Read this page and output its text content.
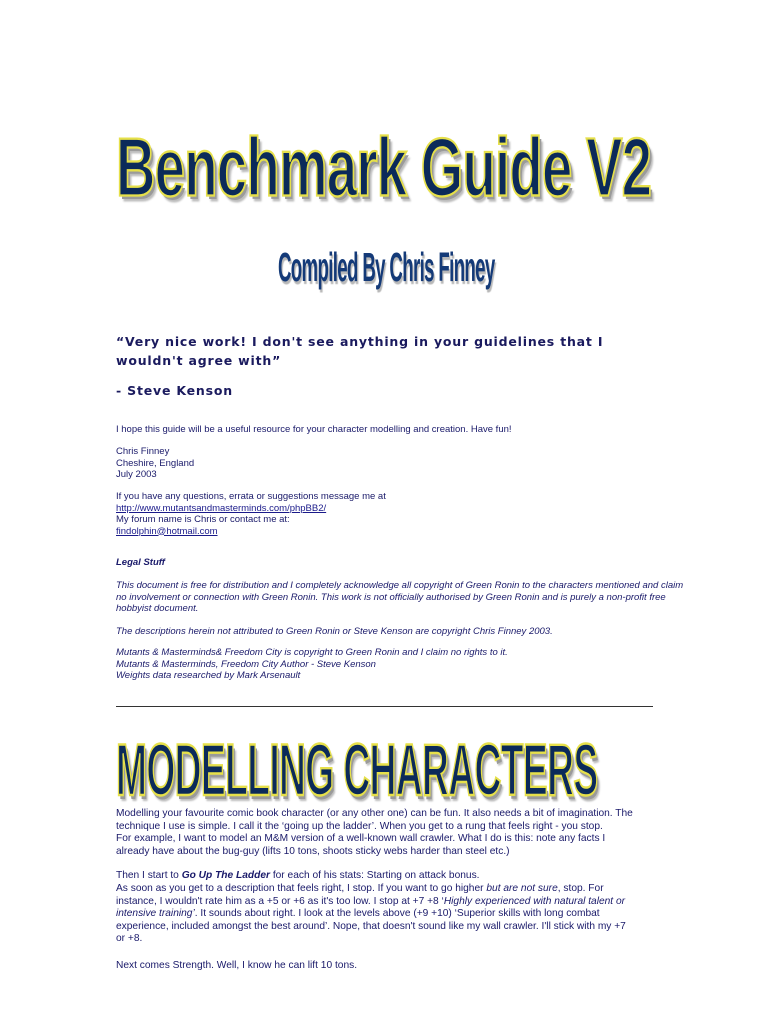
Benchmark Guide V2
Compiled By Chris Finney

“Very nice work! I don't see anything in your guidelines that I wouldn't agree with”

- Steve Kenson

I hope this guide will be a useful resource for your character modelling and creation. Have fun!

Chris Finney
Cheshire, England
July 2003
If you have any questions, errata or suggestions message me at
http://www.mutantsandmasterminds.com/phpBB2/
My forum name is Chris or contact me at:
findolphin@hotmail.com

Legal Stuff

This document is free for distribution and I completely acknowledge all copyright of Green Ronin to the characters mentioned and claim
no involvement or connection with Green Ronin. This work is not officially authorised by Green Ronin and is purely a non-profit free
hobbyist document.

The descriptions herein not attributed to Green Ronin or Steve Kenson are copyright Chris Finney 2003.

Mutants & Masterminds& Freedom City is copyright to Green Ronin and I claim no rights to it.
Mutants & Masterminds, Freedom City Author - Steve Kenson
Weights data researched by Mark Arsenault
MODELLING CHARACTERS
Modelling your favourite comic book character (or any other one) can be fun. It also needs a bit of imagination. The
technique I use is simple. I call it the ‘going up the ladder’. When you get to a rung that feels right - you stop.
For example, I want to model an M&M version of a well-known wall crawler. What I do is this: note any facts I
already have about the bug-guy (lifts 10 tons, shoots sticky webs harder than steel etc.)
Then I start to Go Up The Ladder for each of his stats: Starting on attack bonus.
As soon as you get to a description that feels right, I stop. If you want to go higher but are not sure, stop. For
instance, I wouldn't rate him as a +5 or +6 as it's too low. I stop at +7 +8 ‘Highly experienced with natural talent or
intensive training’. It sounds about right. I look at the levels above (+9 +10) ‘Superior skills with long combat
experience, included amongst the best around’. Nope, that doesn't sound like my wall crawler. I'll stick with my +7
or +8.

Next comes Strength. Well, I know he can lift 10 tons.
